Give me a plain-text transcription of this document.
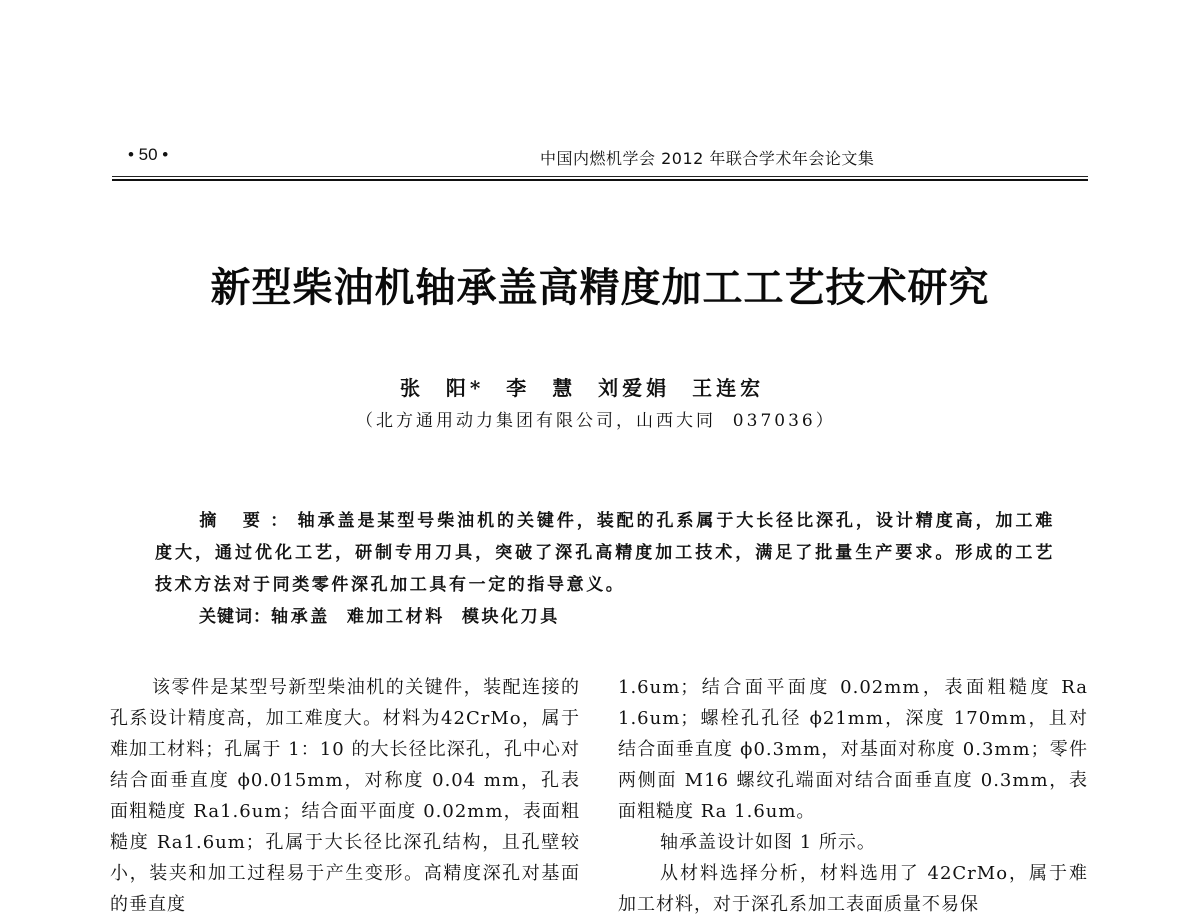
• 50 •	中国内燃机学会 2012 年联合学术年会论文集
新型柴油机轴承盖高精度加工工艺技术研究
张  阳*  李  慧  刘爱娟  王连宏
（北方通用动力集团有限公司，山西大同  037036）
摘 要：轴承盖是某型号柴油机的关键件，装配的孔系属于大长径比深孔，设计精度高，加工难度大，通过优化工艺，研制专用刀具，突破了深孔高精度加工技术，满足了批量生产要求。形成的工艺技术方法对于同类零件深孔加工具有一定的指导意义。
关键词：轴承盖  难加工材料  模块化刀具

该零件是某型号新型柴油机的关键件，装配连接的孔系设计精度高，加工难度大。材料为42CrMo，属于难加工材料；孔属于 1：10 的大长径比深孔，孔中心对结合面垂直度 ϕ0.015mm，对称度 0.04 mm，孔表面粗糙度 Ra1.6um；结合面平面度 0.02mm，表面粗糙度 Ra1.6um；孔属于大长径比深孔结构，且孔壁较小，装夹和加工过程易于产生变形。高精度深孔对基面的垂直度

1.6um；结合面平面度 0.02mm，表面粗糙度 Ra 1.6um；螺栓孔孔径 ϕ21mm，深度 170mm，且对结合面垂直度 ϕ0.3mm，对基面对称度 0.3mm；零件两侧面 M16 螺纹孔端面对结合面垂直度 0.3mm，表面粗糙度 Ra 1.6um。

轴承盖设计如图 1 所示。

从材料选择分析，材料选用了 42CrMo，属于难加工材料，对于深孔系加工表面质量不易保
